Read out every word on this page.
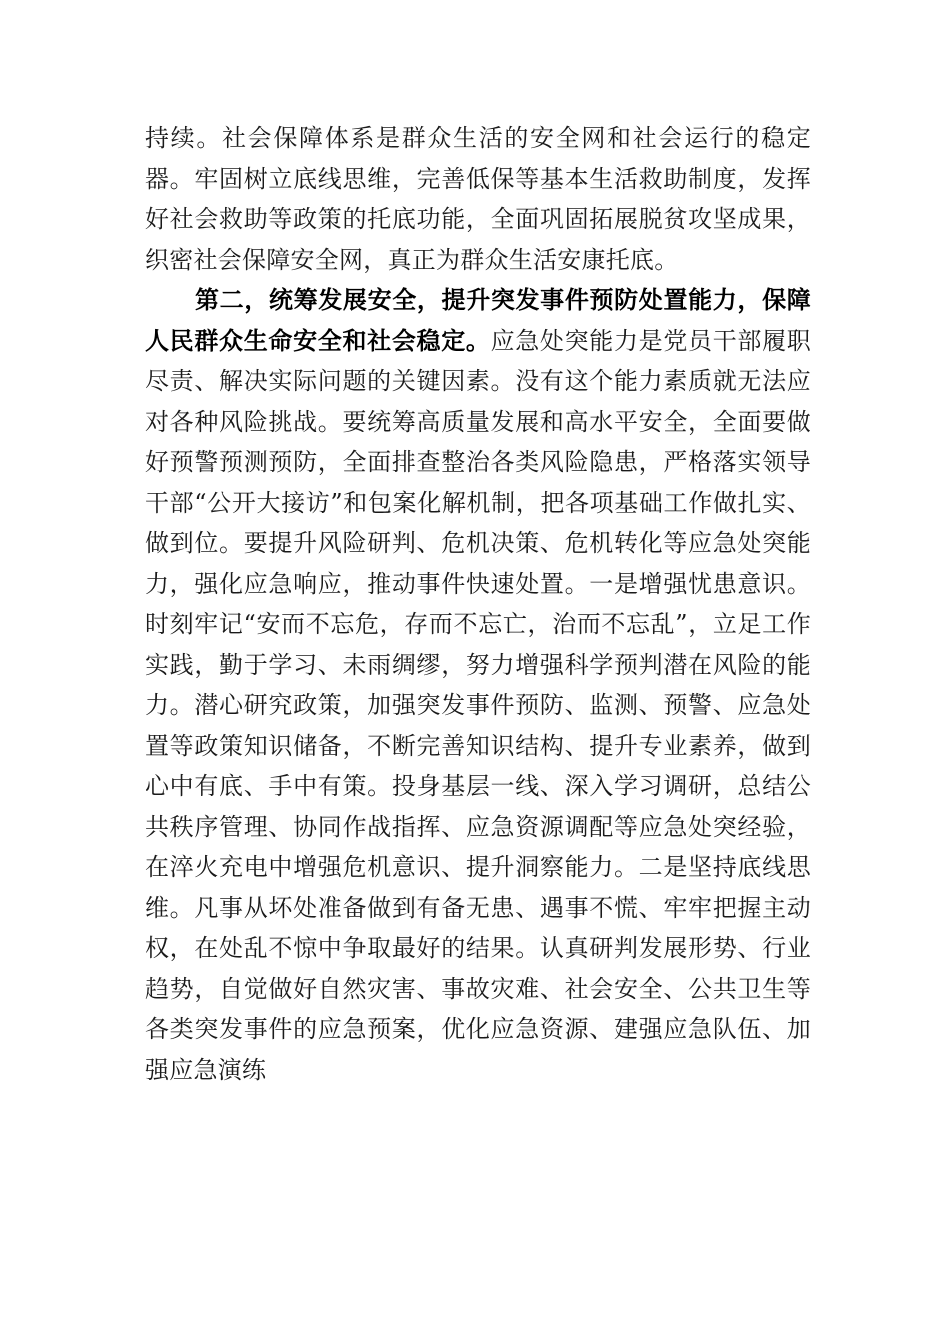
持续。社会保障体系是群众生活的安全网和社会运行的稳定器。牢固树立底线思维，完善低保等基本生活救助制度，发挥好社会救助等政策的托底功能，全面巩固拓展脱贫攻坚成果，织密社会保障安全网，真正为群众生活安康托底。

第二，统筹发展安全，提升突发事件预防处置能力，保障人民群众生命安全和社会稳定。应急处突能力是党员干部履职尽责、解决实际问题的关键因素。没有这个能力素质就无法应对各种风险挑战。要统筹高质量发展和高水平安全，全面要做好预警预测预防，全面排查整治各类风险隐患，严格落实领导干部“公开大接访”和包案化解机制，把各项基础工作做扎实、做到位。要提升风险研判、危机决策、危机转化等应急处突能力，强化应急响应，推动事件快速处置。一是增强忧患意识。时刻牢记“安而不忘危，存而不忘亡，治而不忘乱”，立足工作实践，勤于学习、未雨绸缪，努力增强科学预判潜在风险的能力。潜心研究政策，加强突发事件预防、监测、预警、应急处置等政策知识储备，不断完善知识结构、提升专业素养，做到心中有底、手中有策。投身基层一线、深入学习调研，总结公共秩序管理、协同作战指挥、应急资源调配等应急处突经验，在淬火充电中增强危机意识、提升洞察能力。二是坚持底线思维。凡事从坏处准备做到有备无患、遇事不慌、牢牢把握主动权，在处乱不惊中争取最好的结果。认真研判发展形势、行业趋势，自觉做好自然灾害、事故灾难、社会安全、公共卫生等各类突发事件的应急预案，优化应急资源、建强应急队伍、加强应急演练
